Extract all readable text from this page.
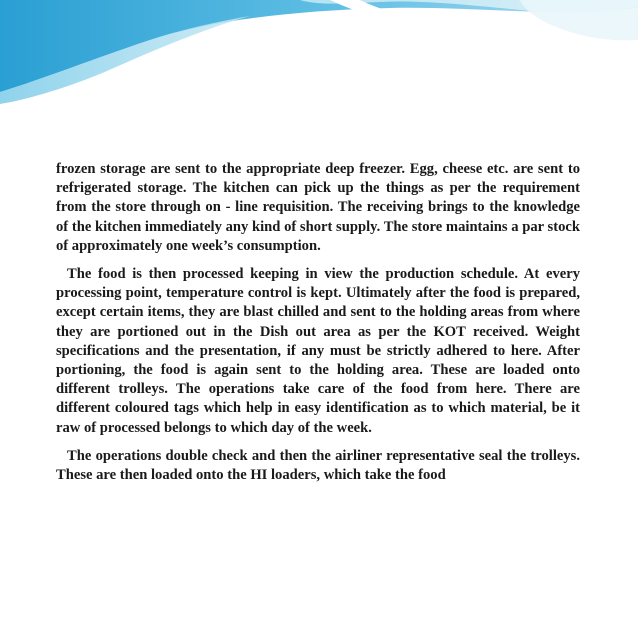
frozen storage are sent to the appropriate deep freezer. Egg, cheese etc. are sent to refrigerated storage. The kitchen can pick up the things as per the requirement from the store through on - line requisition. The receiving brings to the knowledge of the kitchen immediately any kind of short supply. The store maintains a par stock of approximately one week’s consumption.

The food is then processed keeping in view the production schedule. At every processing point, temperature control is kept. Ultimately after the food is prepared, except certain items, they are blast chilled and sent to the holding areas from where they are portioned out in the Dish out area as per the KOT received. Weight specifications and the presentation, if any must be strictly adhered to here. After portioning, the food is again sent to the holding area. These are loaded onto different trolleys. The operations take care of the food from here. There are different coloured tags which help in easy identification as to which material, be it raw of processed belongs to which day of the week.

The operations double check and then the airliner representative seal the trolleys. These are then loaded onto the HI loaders, which take the food
